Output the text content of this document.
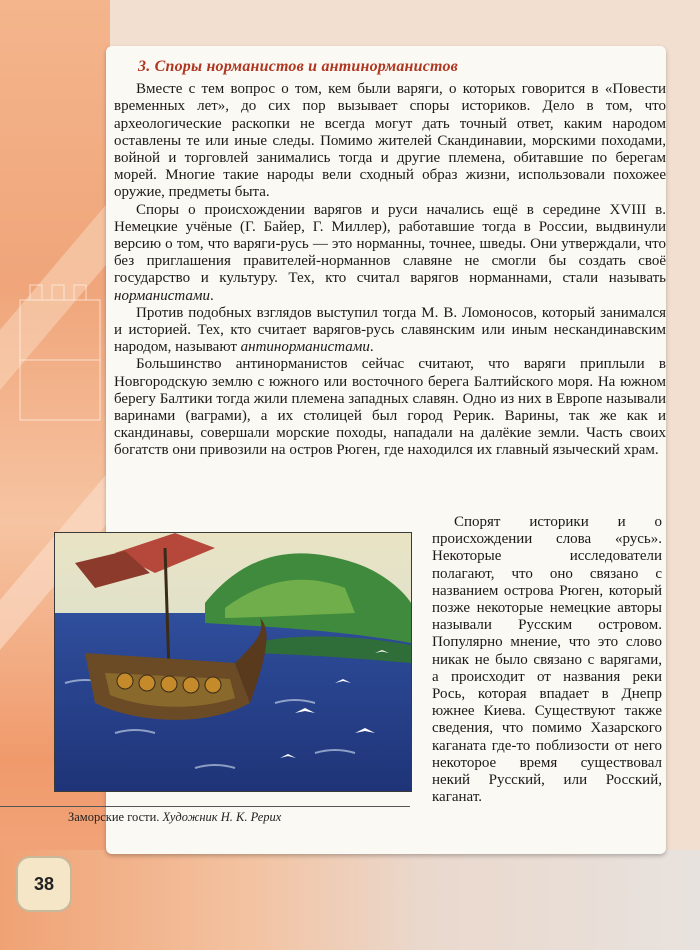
3. Споры норманистов и антинорманистов

Вместе с тем вопрос о том, кем были варяги, о которых говорится в «Повести временных лет», до сих пор вызывает споры историков. Дело в том, что археологические раскопки не всегда могут дать точный ответ, каким народом оставлены те или иные следы. Помимо жителей Скандинавии, морскими походами, войной и торговлей занимались тогда и другие племена, обитавшие по берегам морей. Многие такие народы вели сходный образ жизни, использовали похожее оружие, предметы быта.

Споры о происхождении варягов и руси начались ещё в середине XVIII в. Немецкие учёные (Г. Байер, Г. Миллер), работавшие тогда в России, выдвинули версию о том, что варяги-русь — это норманны, точнее, шведы. Они утверждали, что без приглашения правителей-норманнов славяне не смогли бы создать своё государство и культуру. Тех, кто считал варягов норманнами, стали называть норманистами.

Против подобных взглядов выступил тогда М. В. Ломоносов, который занимался и историей. Тех, кто считает варягов-русь славянским или иным нескандинавским народом, называют антинорманистами.

Большинство антинорманистов сейчас считают, что варяги приплыли в Новгородскую землю с южного или восточного берега Балтийского моря. На южном берегу Балтики тогда жили племена западных славян. Одно из них в Европе называли варинами (ваграми), а их столицей был город Рерик. Варины, так же как и скандинавы, совершали морские походы, нападали на далёкие земли. Часть своих богатств они привозили на остров Рюген, где находился их главный языческий храм.

Спорят историки и о происхождении слова «русь». Некоторые исследователи полагают, что оно связано с названием острова Рюген, который позже некоторые немецкие авторы называли Русским островом. Популярно мнение, что это слово никак не было связано с варягами, а происходит от названия реки Рось, которая впадает в Днепр южнее Киева. Существуют также сведения, что помимо Хазарского каганата где-то поблизости от него некоторое время существовал некий Русский, или Росский, каганат.

Заморские гости. Художник Н. К. Рерих
38
